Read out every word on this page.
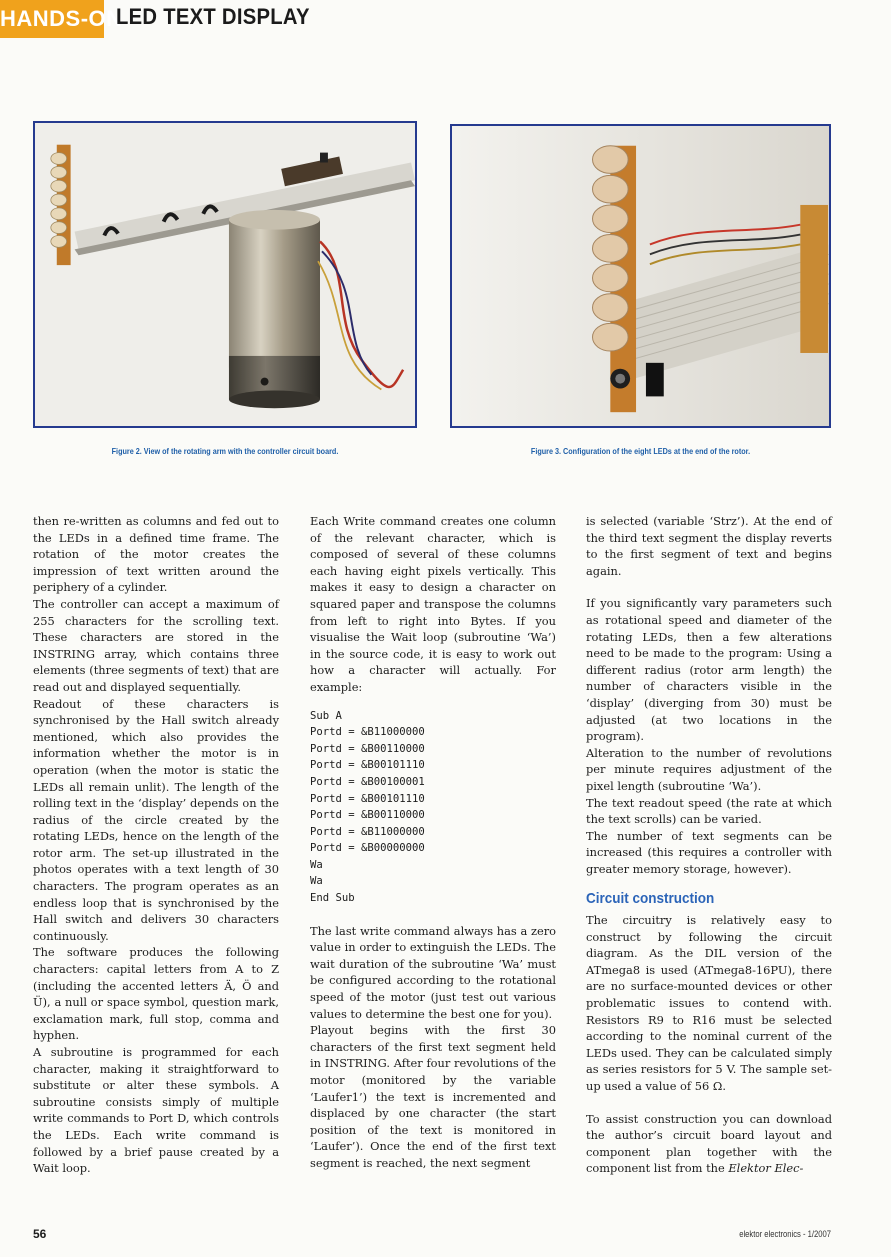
HANDS-ON
LED TEXT DISPLAY
Figure 2. View of the rotating arm with the controller circuit board.	Figure 3. Configuration of the eight LEDs at the end of the rotor.

then re-written as columns and fed out to the LEDs in a defined time frame. The rotation of the motor creates the impression of text written around the periphery of a cylinder.

The controller can accept a maximum of 255 characters for the scrolling text. These characters are stored in the INSTRING array, which contains three elements (three segments of text) that are read out and displayed sequentially.

Readout of these characters is synchronised by the Hall switch already mentioned, which also provides the information whether the motor is in operation (when the motor is static the LEDs all remain unlit). The length of the rolling text in the ‘display’ depends on the radius of the circle created by the rotating LEDs, hence on the length of the rotor arm. The set-up illustrated in the photos operates with a text length of 30 characters. The program operates as an endless loop that is synchronised by the Hall switch and delivers 30 characters continuously.

The software produces the following characters: capital letters from A to Z (including the accented letters Ä, Ö and Ü), a null or space symbol, question mark, exclamation mark, full stop, comma and hyphen.

A subroutine is programmed for each character, making it straightforward to substitute or alter these symbols. A subroutine consists simply of multiple write commands to Port D, which controls the LEDs. Each write command is followed by a brief pause created by a Wait loop.

Each Write command creates one column of the relevant character, which is composed of several of these columns each having eight pixels vertically. This makes it easy to design a character on squared paper and transpose the columns from left to right into Bytes. If you visualise the Wait loop (subroutine ‘Wa’) in the source code, it is easy to work out how a character will actually. For example:

Sub A
Portd = &B11000000
Portd = &B00110000
Portd = &B00101110
Portd = &B00100001
Portd = &B00101110
Portd = &B00110000
Portd = &B11000000
Portd = &B00000000
Wa
Wa
End Sub

The last write command always has a zero value in order to extinguish the LEDs. The wait duration of the subroutine ‘Wa’ must be configured according to the rotational speed of the motor (just test out various values to determine the best one for you).

Playout begins with the first 30 characters of the first text segment held in INSTRING. After four revolutions of the motor (monitored by the variable ‘Laufer1’) the text is incremented and displaced by one character (the start position of the text is monitored in ‘Laufer’). Once the end of the first text segment is reached, the next segment

is selected (variable ‘Strz’). At the end of the third text segment the display reverts to the first segment of text and begins again.

If you significantly vary parameters such as rotational speed and diameter of the rotating LEDs, then a few alterations need to be made to the program: Using a different radius (rotor arm length) the number of characters visible in the ‘display’ (diverging from 30) must be adjusted (at two locations in the program).

Alteration to the number of revolutions per minute requires adjustment of the pixel length (subroutine ‘Wa’).

The text readout speed (the rate at which the text scrolls) can be varied.

The number of text segments can be increased (this requires a controller with greater memory storage, however).

Circuit construction

The circuitry is relatively easy to construct by following the circuit diagram. As the DIL version of the ATmega8 is used (ATmega8-16PU), there are no surface-mounted devices or other problematic issues to contend with. Resistors R9 to R16 must be selected according to the nominal current of the LEDs used. They can be calculated simply as series resistors for 5 V. The sample set-up used a value of 56 Ω.

To assist construction you can download the author’s circuit board layout and component plan together with the component list from the Elektor Elec-

56	elektor electronics - 1/2007
